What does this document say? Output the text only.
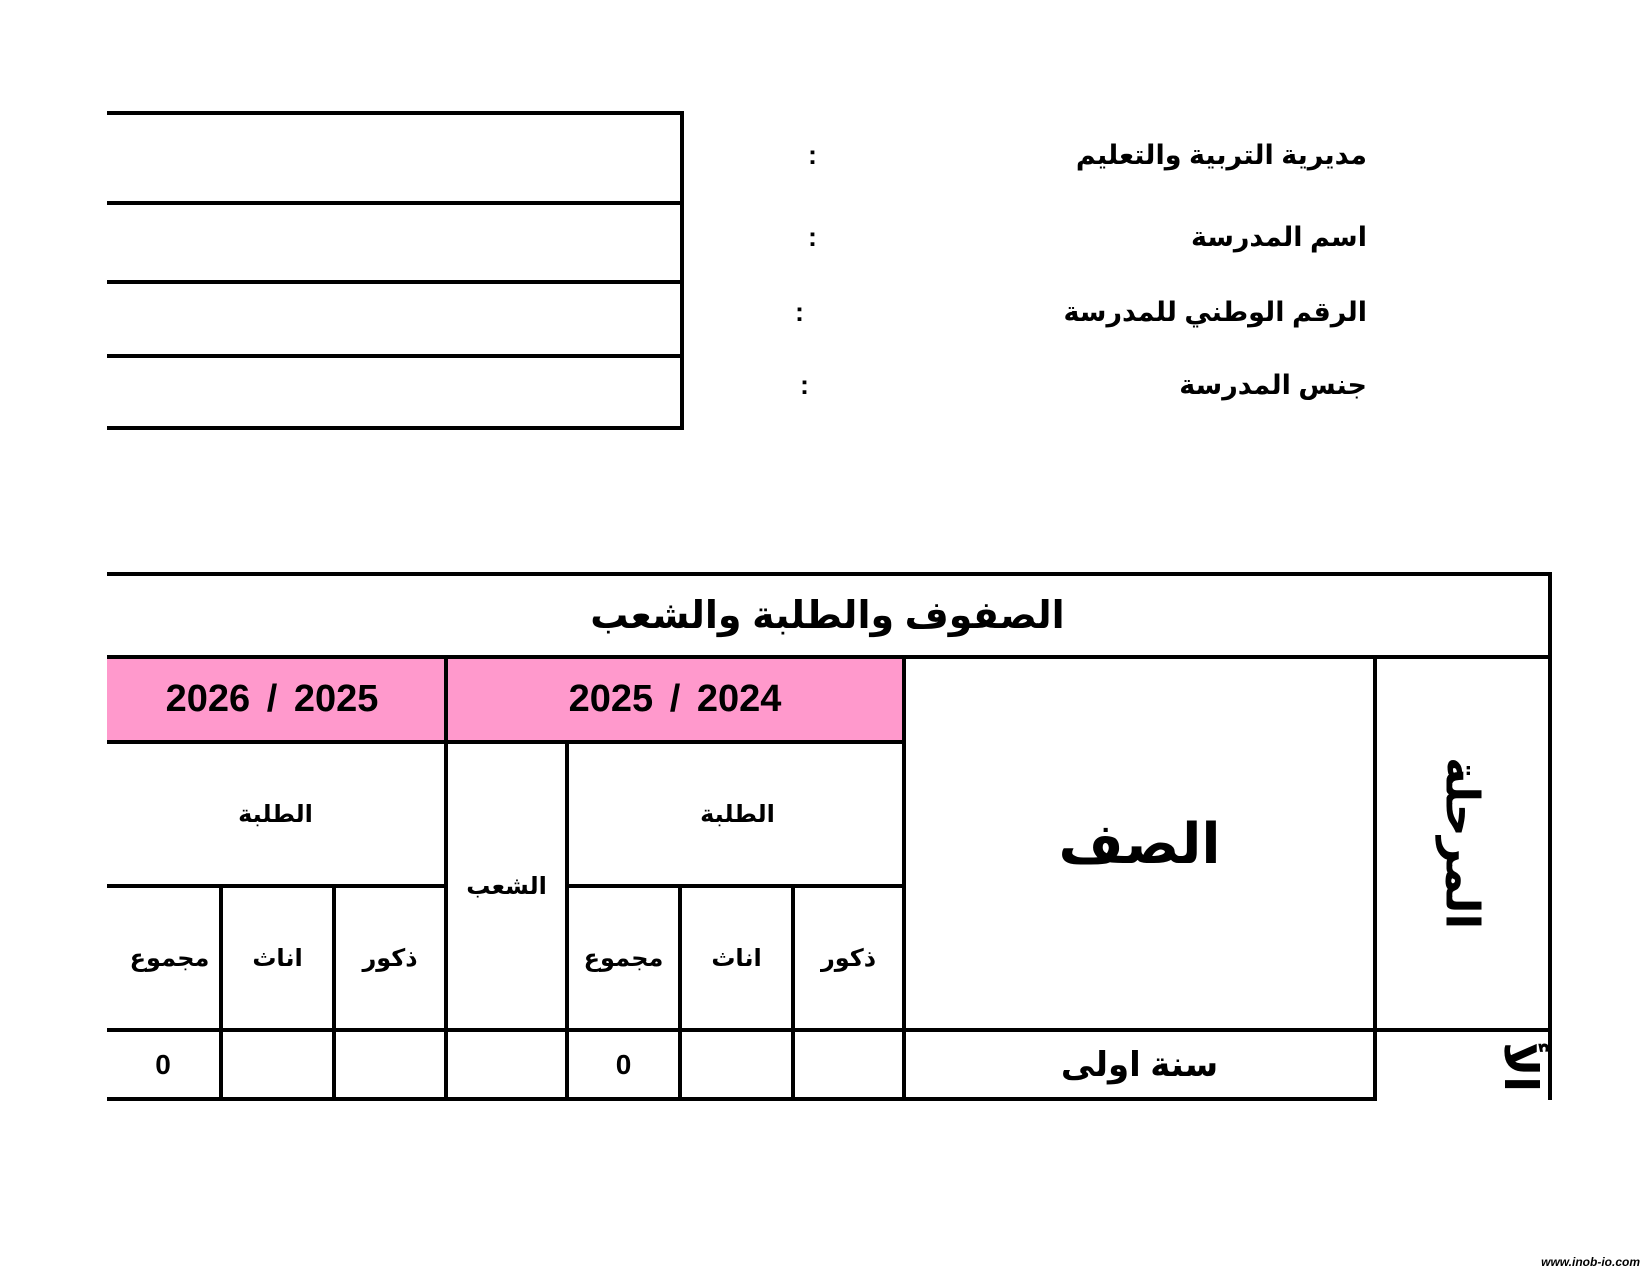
مديرية التربية والتعليم
:
اسم المدرسة
:
الرقم الوطني للمدرسة
:
جنس المدرسة
:
الصفوف والطلبة والشعب
2025 / 2024
2026 / 2025
المرحلة
الصف
الطلبة
الطلبة
الشعب
ذكور
اناث
مجموع
ذكور
اناث
مجموع
الأ
سنة اولى
0
0
www.inob-io.com
